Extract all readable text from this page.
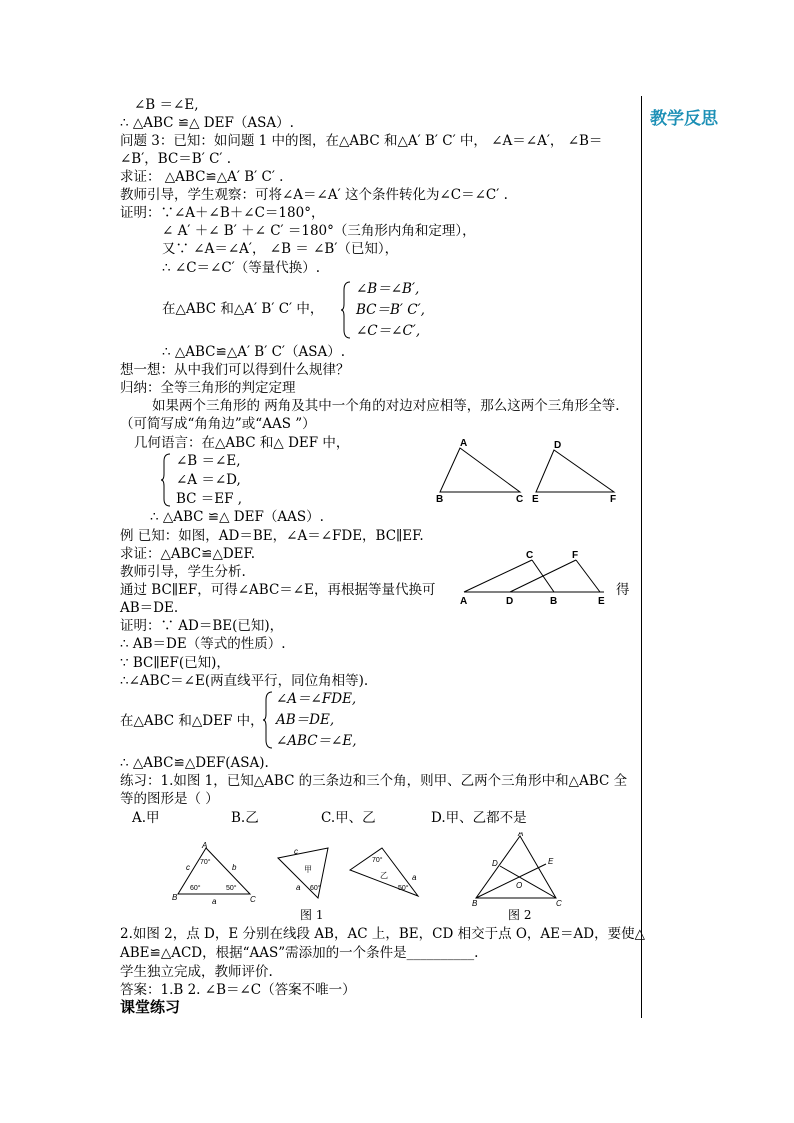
教学反思
∠B ＝∠E,
∴ △ABC ≌△ DEF（ASA）.
问题 3：已知：如问题 1 中的图，在△ABC 和△A′ B′ C′ 中， ∠A＝∠A′， ∠B＝
∠B′，BC＝B′ C′ .
求证： △ABC≌△A′ B′ C′ .
教师引导，学生观察：可将∠A＝∠A′ 这个条件转化为∠C＝∠C′ .
证明：∵∠A＋∠B＋∠C＝180°，
∠ A′ ＋∠ B′ ＋∠ C′ ＝180°（三角形内角和定理），
又∵ ∠A＝∠A′， ∠B ＝ ∠B′（已知），
∴ ∠C＝∠C′（等量代换）.
在△ABC 和△A′ B′ C′ 中，
∠B＝∠B′,
BC＝B′ C′,
∠C＝∠C′,
∴ △ABC≌△A′ B′ C′（ASA）.
想一想：从中我们可以得到什么规律？
归纳：全等三角形的判定定理
如果两个三角形的 两角及其中一个角的对边对应相等，那么这两个三角形全等.
（可简写成“角角边”或“AAS ”）
几何语言：在△ABC 和△ DEF 中，
∠B ＝∠E,
∠A ＝∠D,
BC ＝EF ,
A
B	C
D
E	F
∴ △ABC ≌△ DEF（AAS）.
例 已知：如图，AD＝BE，∠A＝∠FDE，BC∥EF.
求证：△ABC≌△DEF.
教师引导，学生分析.
通过 BC∥EF，可得∠ABC＝∠E，再根据等量代换可	得
AB＝DE.	A	D	B	E
C	F
证明：∵ AD＝BE(已知)，
∴ AB＝DE（等式的性质）.
∵ BC∥EF(已知)，
∴∠ABC＝∠E(两直线平行，同位角相等).
在△ABC 和△DEF 中，
∠A＝∠FDE,
AB＝DE,
∠ABC＝∠E,
∴ △ABC≌△DEF(ASA).
练习：1.如图 1，已知△ABC 的三条边和三个角，则甲、乙两个三角形中和△ABC 全
等的图形是（ ）
A.甲	B.乙	C.甲、乙	D.甲、乙都不是
A
B	C
a
b
c
70°
60°	50°
c
甲
a 60°
70°
乙
50°
a
A
D	E
O
B	C
图 1	图 2
2.如图 2，点 D，E 分别在线段 AB，AC 上，BE，CD 相交于点 O，AE＝AD，要使△
ABE≌△ACD，根据“AAS”需添加的一个条件是__________.
学生独立完成，教师评价.
答案：1.B 2. ∠B＝∠C（答案不唯一）
课堂练习
